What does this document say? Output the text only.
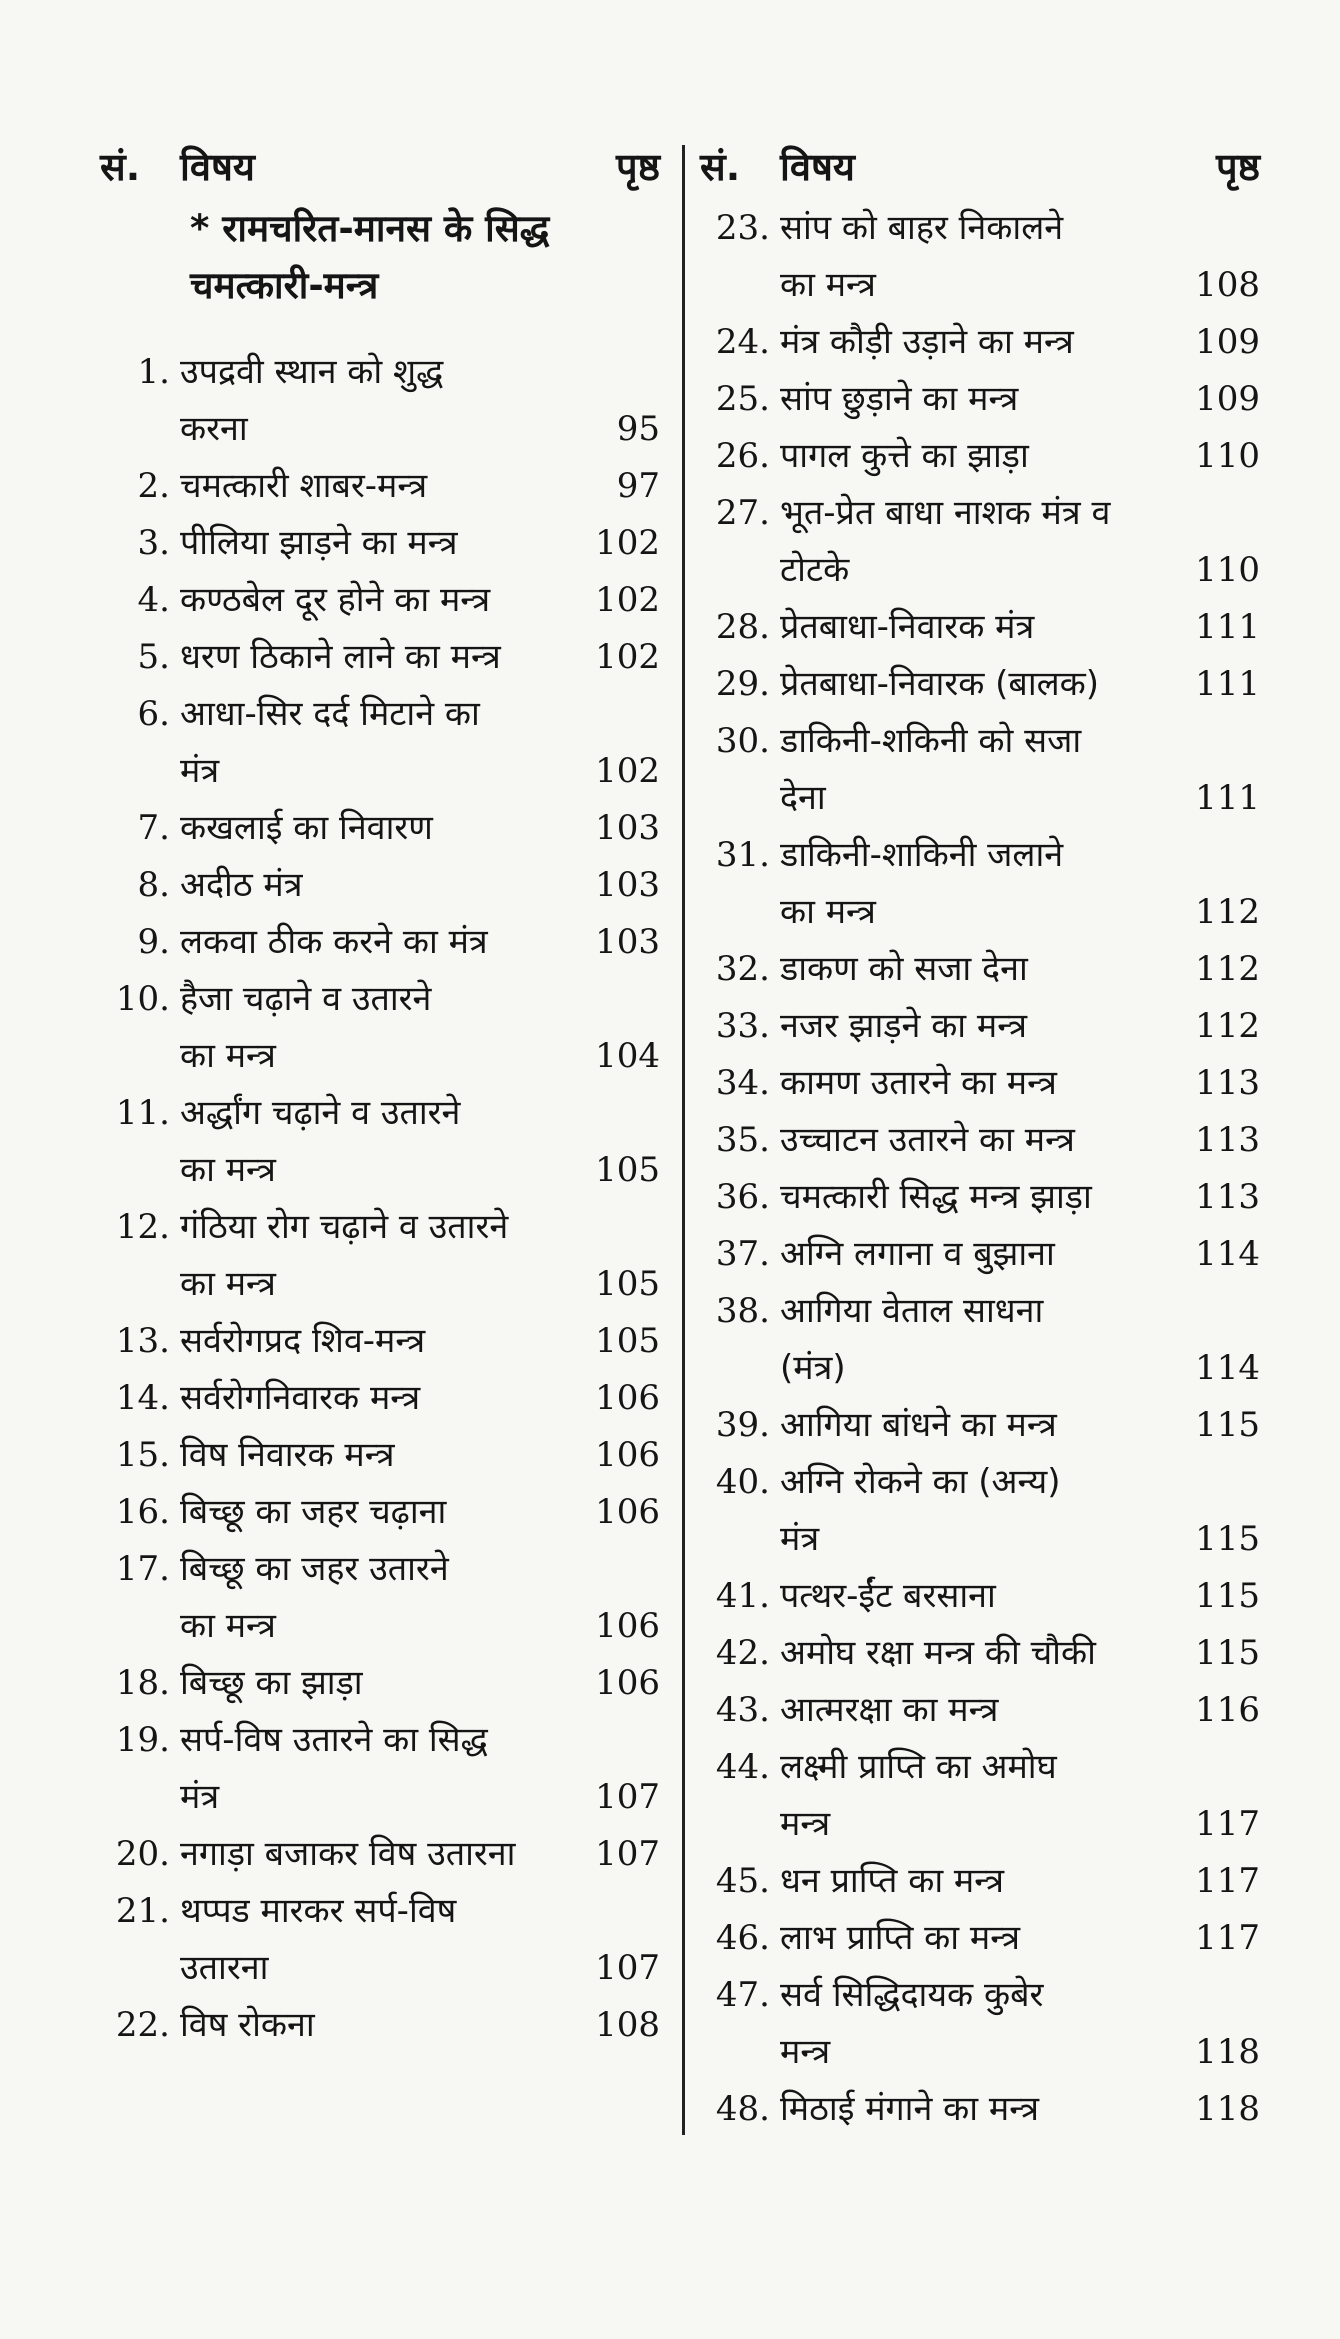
सं.	विषय	पृष्ठ
* रामचरित-मानस के सिद्ध
चमत्कारी-मन्त्र
1. उपद्रवी स्थान को शुद्ध
करना	95
2. चमत्कारी शाबर-मन्त्र	97
3. पीलिया झाड़ने का मन्त्र	102
4. कण्ठबेल दूर होने का मन्त्र	102
5. धरण ठिकाने लाने का मन्त्र	102
6. आधा-सिर दर्द मिटाने का
मंत्र	102
7. कखलाई का निवारण	103
8. अदीठ मंत्र	103
9. लकवा ठीक करने का मंत्र	103
10. हैजा चढ़ाने व उतारने
का मन्त्र	104
11. अर्द्धांग चढ़ाने व उतारने
का मन्त्र	105
12. गंठिया रोग चढ़ाने व उतारने
का मन्त्र	105
13. सर्वरोगप्रद शिव-मन्त्र	105
14. सर्वरोगनिवारक मन्त्र	106
15. विष निवारक मन्त्र	106
16. बिच्छू का जहर चढ़ाना	106
17. बिच्छू का जहर उतारने
का मन्त्र	106
18. बिच्छू का झाड़ा	106
19. सर्प-विष उतारने का सिद्ध
मंत्र	107
20. नगाड़ा बजाकर विष उतारना	107
21. थप्पड मारकर सर्प-विष
उतारना	107
22. विष रोकना	108
सं.	विषय	पृष्ठ
23. सांप को बाहर निकालने
का मन्त्र	108
24. मंत्र कौड़ी उड़ाने का मन्त्र	109
25. सांप छुड़ाने का मन्त्र	109
26. पागल कुत्ते का झाड़ा	110
27. भूत-प्रेत बाधा नाशक मंत्र व
टोटके	110
28. प्रेतबाधा-निवारक मंत्र	111
29. प्रेतबाधा-निवारक (बालक)	111
30. डाकिनी-शकिनी को सजा
देना	111
31. डाकिनी-शाकिनी जलाने
का मन्त्र	112
32. डाकण को सजा देना	112
33. नजर झाड़ने का मन्त्र	112
34. कामण उतारने का मन्त्र	113
35. उच्चाटन उतारने का मन्त्र	113
36. चमत्कारी सिद्ध मन्त्र झाड़ा	113
37. अग्नि लगाना व बुझाना	114
38. आगिया वेताल साधना
(मंत्र)	114
39. आगिया बांधने का मन्त्र	115
40. अग्नि रोकने का (अन्य)
मंत्र	115
41. पत्थर-ईंट बरसाना	115
42. अमोघ रक्षा मन्त्र की चौकी	115
43. आत्मरक्षा का मन्त्र	116
44. लक्ष्मी प्राप्ति का अमोघ
मन्त्र	117
45. धन प्राप्ति का मन्त्र	117
46. लाभ प्राप्ति का मन्त्र	117
47. सर्व सिद्धिदायक कुबेर
मन्त्र	118
48. मिठाई मंगाने का मन्त्र	118
